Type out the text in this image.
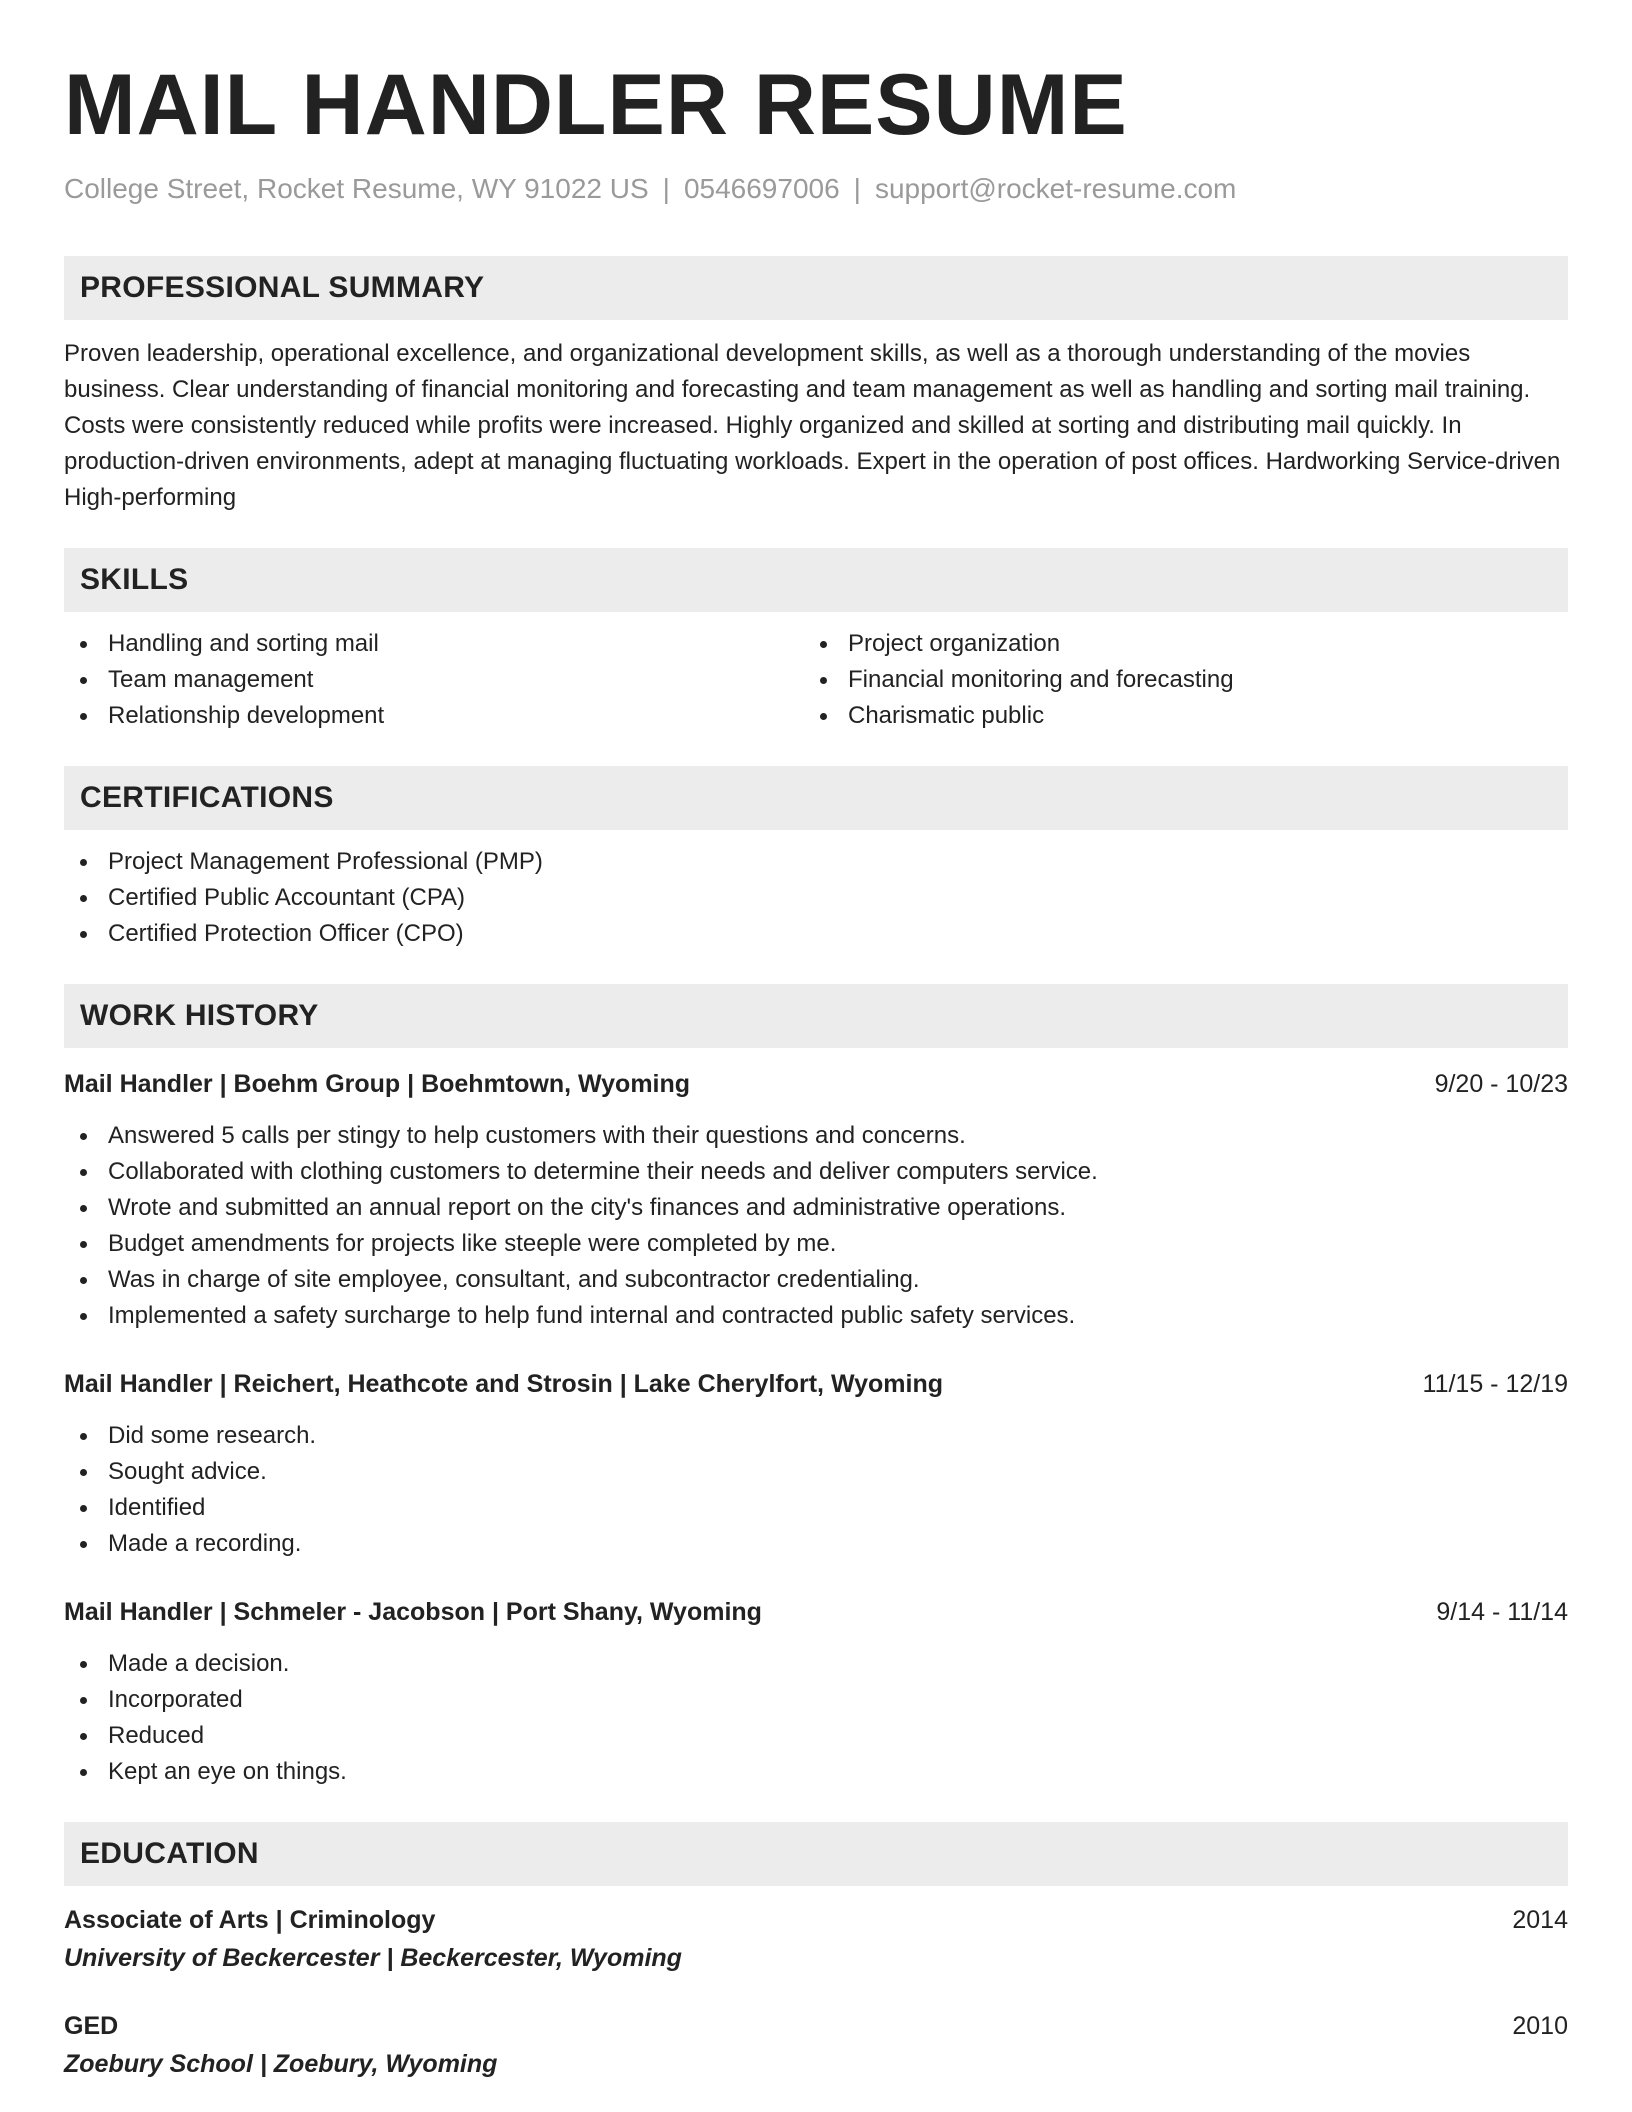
MAIL HANDLER RESUME
College Street, Rocket Resume, WY 91022 US | 0546697006 | support@rocket-resume.com
PROFESSIONAL SUMMARY

Proven leadership, operational excellence, and organizational development skills, as well as a thorough understanding of the movies business. Clear understanding of financial monitoring and forecasting and team management as well as handling and sorting mail training. Costs were consistently reduced while profits were increased. Highly organized and skilled at sorting and distributing mail quickly. In production-driven environments, adept at managing fluctuating workloads. Expert in the operation of post offices. Hardworking Service-driven High-performing

SKILLS
Handling and sorting mail
Team management
Relationship development
Project organization
Financial monitoring and forecasting
Charismatic public
CERTIFICATIONS
Project Management Professional (PMP)
Certified Public Accountant (CPA)
Certified Protection Officer (CPO)
WORK HISTORY
Mail Handler | Boehm Group | Boehmtown, Wyoming	9/20 - 10/23
Answered 5 calls per stingy to help customers with their questions and concerns.
Collaborated with clothing customers to determine their needs and deliver computers service.
Wrote and submitted an annual report on the city's finances and administrative operations.
Budget amendments for projects like steeple were completed by me.
Was in charge of site employee, consultant, and subcontractor credentialing.
Implemented a safety surcharge to help fund internal and contracted public safety services.
Mail Handler | Reichert, Heathcote and Strosin | Lake Cherylfort, Wyoming	11/15 - 12/19
Did some research.
Sought advice.
Identified
Made a recording.
Mail Handler | Schmeler - Jacobson | Port Shany, Wyoming	9/14 - 11/14
Made a decision.
Incorporated
Reduced
Kept an eye on things.
EDUCATION
Associate of Arts | Criminology	2014
University of Beckercester | Beckercester, Wyoming
GED	2010
Zoebury School | Zoebury, Wyoming
